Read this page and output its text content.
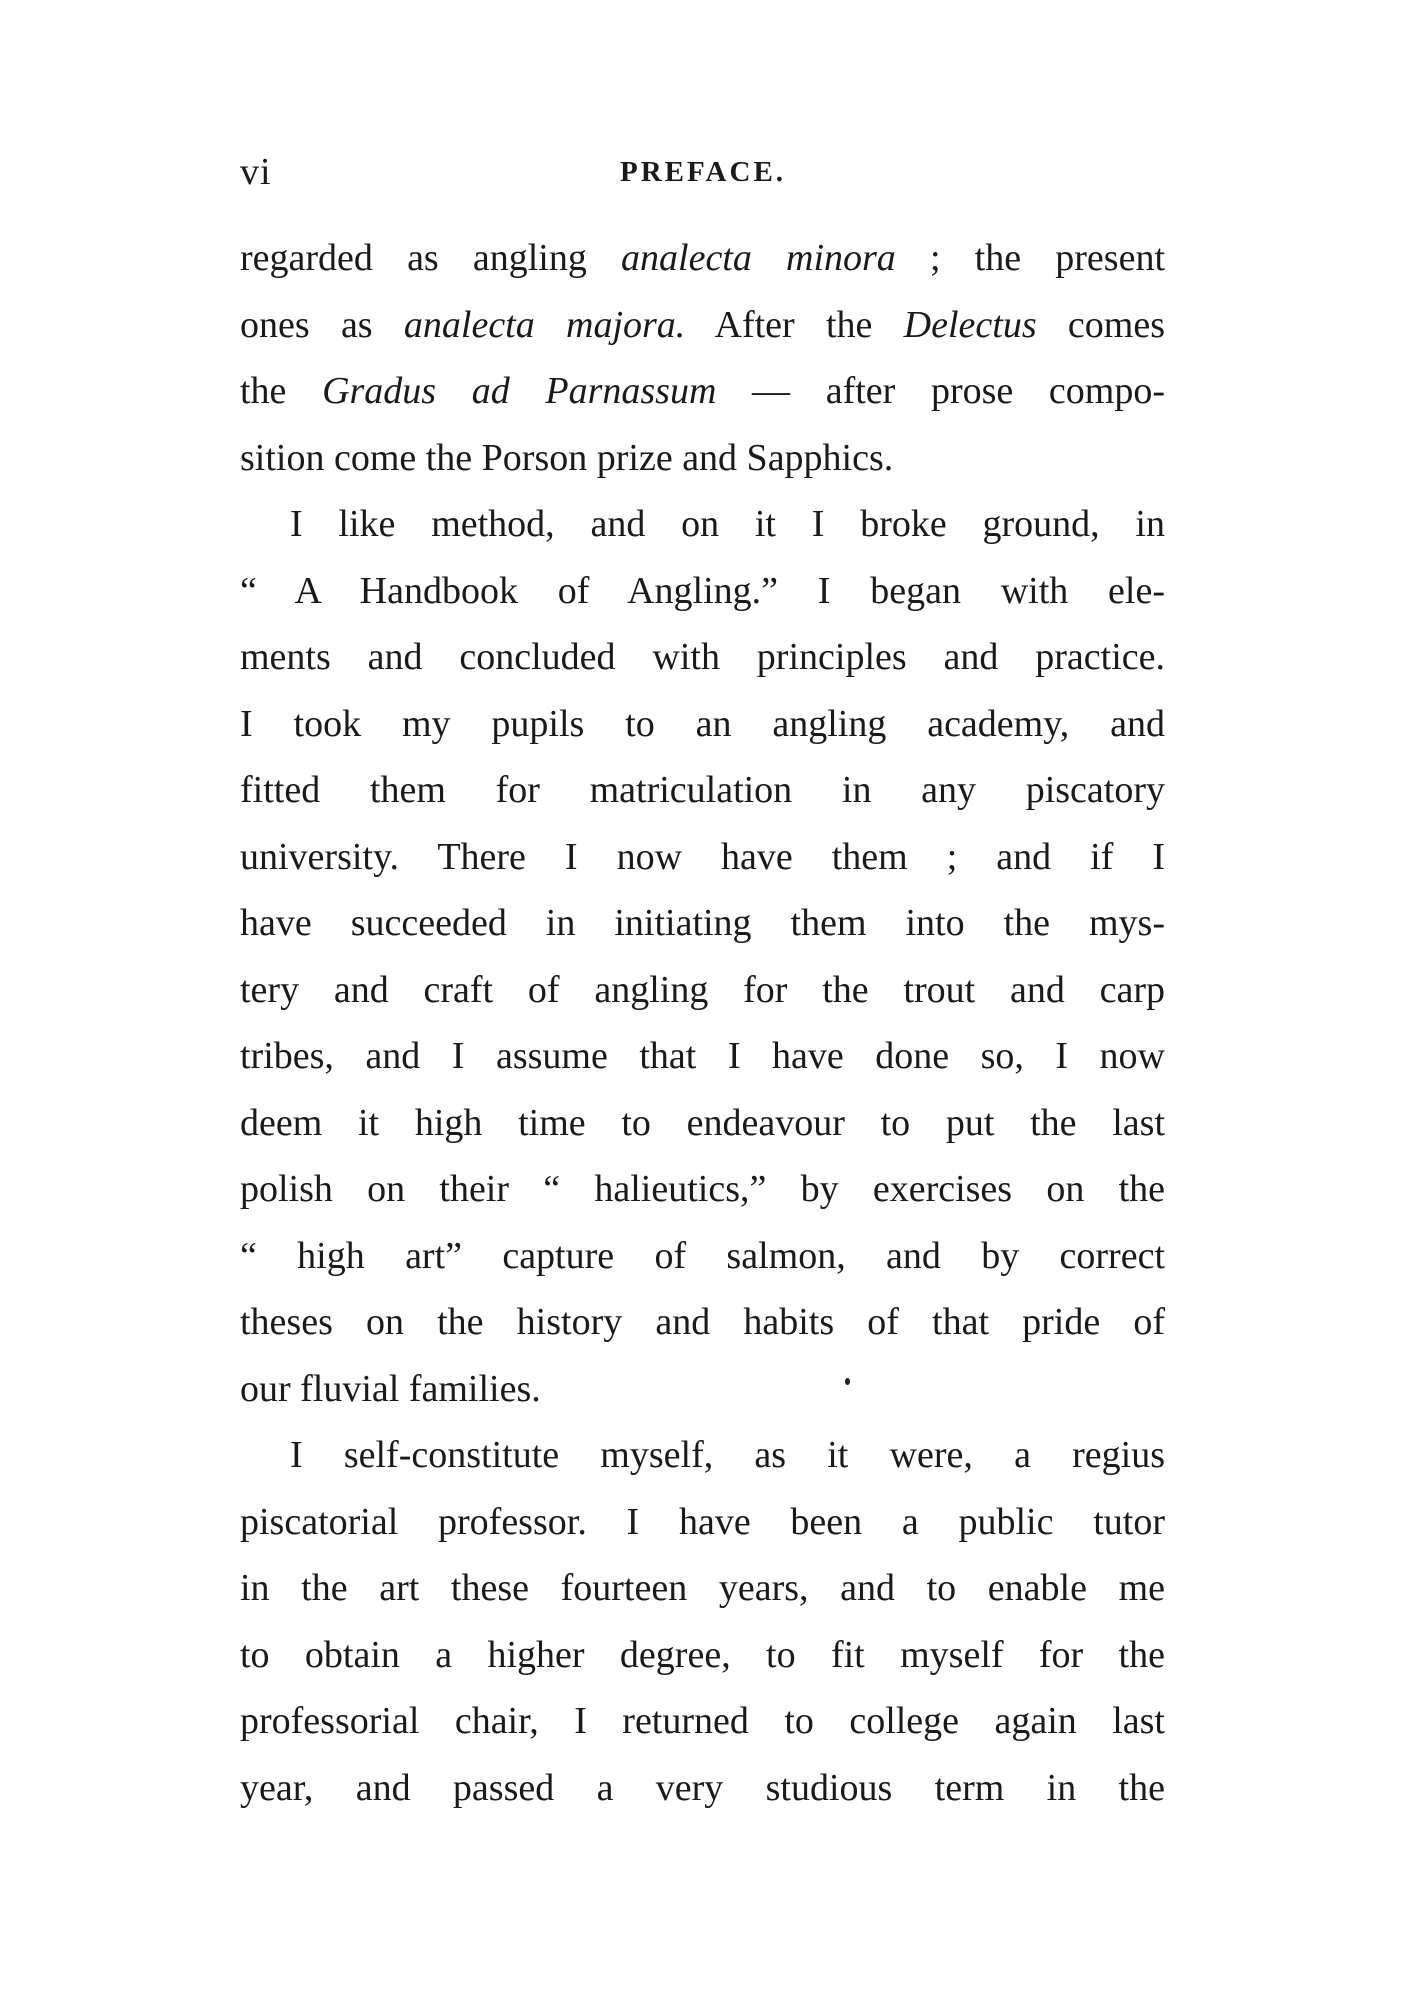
vi	PREFACE.
regarded as angling analecta minora ; the present
ones as analecta majora. After the Delectus comes
the Gradus ad Parnassum — after prose compo-
sition come the Porson prize and Sapphics.
I like method, and on it I broke ground, in
“ A Handbook of Angling.” I began with ele-
ments and concluded with principles and practice.
I took my pupils to an angling academy, and
fitted them for matriculation in any piscatory
university. There I now have them ; and if I
have succeeded in initiating them into the mys-
tery and craft of angling for the trout and carp
tribes, and I assume that I have done so, I now
deem it high time to endeavour to put the last
polish on their “ halieutics,” by exercises on the
“ high art” capture of salmon, and by correct
theses on the history and habits of that pride of
our fluvial families.
I self-constitute myself, as it were, a regius
piscatorial professor. I have been a public tutor
in the art these fourteen years, and to enable me
to obtain a higher degree, to fit myself for the
professorial chair, I returned to college again last
year, and passed a very studious term in the
